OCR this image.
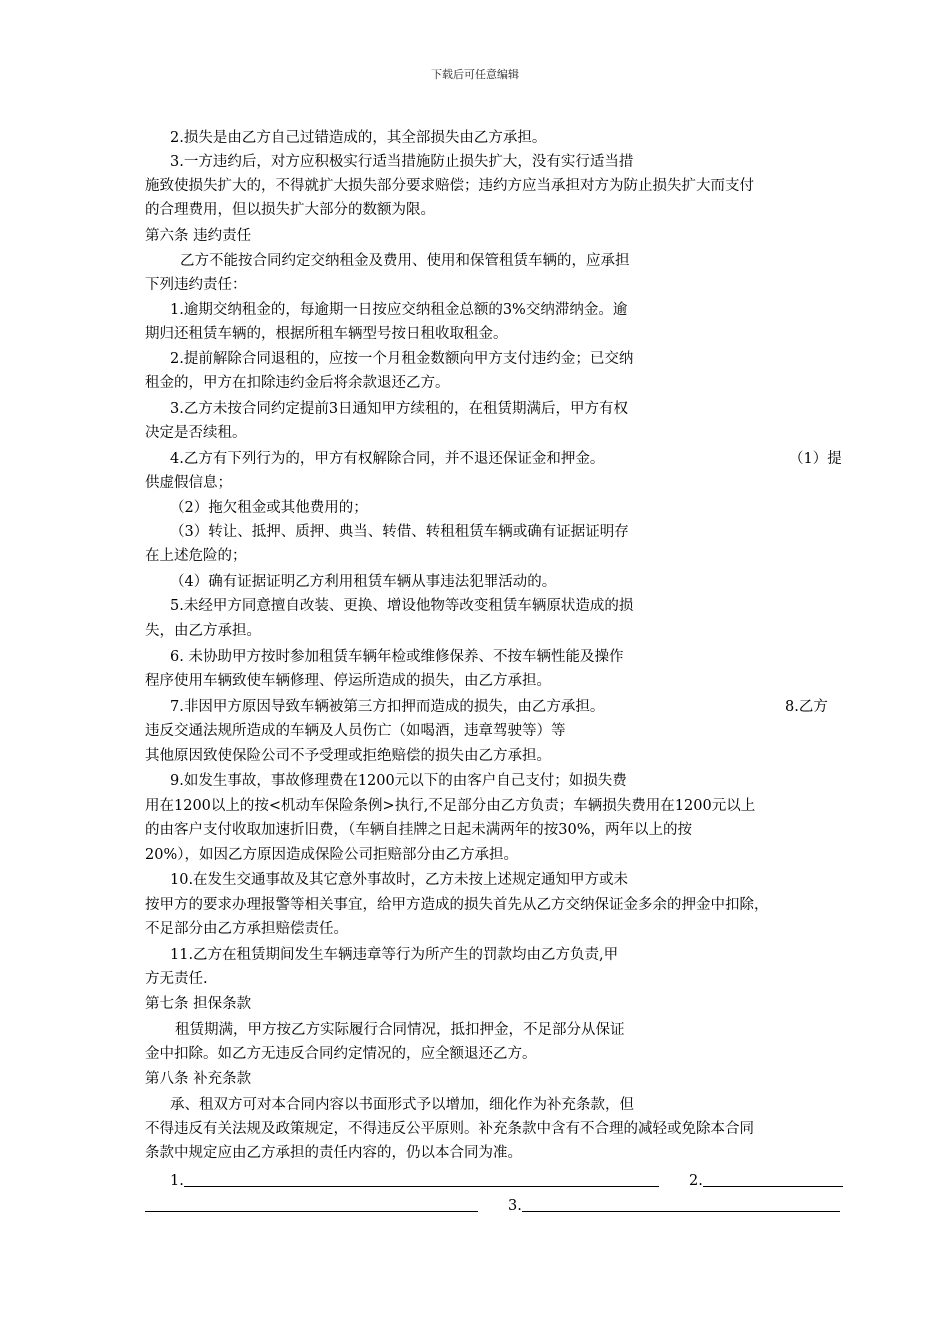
下载后可任意编辑
2.损失是由乙方自己过错造成的，其全部损失由乙方承担。
3.一方违约后，对方应积极实行适当措施防止损失扩大，没有实行适当措
施致使损失扩大的，不得就扩大损失部分要求赔偿；违约方应当承担对方为防止损失扩大而支付
的合理费用，但以损失扩大部分的数额为限。
第六条 违约责任
乙方不能按合同约定交纳租金及费用、使用和保管租赁车辆的，应承担
下列违约责任：
1.逾期交纳租金的，每逾期一日按应交纳租金总额的3%交纳滞纳金。逾
期归还租赁车辆的，根据所租车辆型号按日租收取租金。
2.提前解除合同退租的，应按一个月租金数额向甲方支付违约金；已交纳
租金的，甲方在扣除违约金后将余款退还乙方。
3.乙方未按合同约定提前3日通知甲方续租的，在租赁期满后，甲方有权
决定是否续租。
4.乙方有下列行为的，甲方有权解除合同，并不退还保证金和押金。	（1）提
供虚假信息；
（2）拖欠租金或其他费用的；
（3）转让、抵押、质押、典当、转借、转租租赁车辆或确有证据证明存
在上述危险的；
（4）确有证据证明乙方利用租赁车辆从事违法犯罪活动的。
5.未经甲方同意擅自改装、更换、增设他物等改变租赁车辆原状造成的损
失，由乙方承担。
6. 未协助甲方按时参加租赁车辆年检或维修保养、不按车辆性能及操作
程序使用车辆致使车辆修理、停运所造成的损失，由乙方承担。
7.非因甲方原因导致车辆被第三方扣押而造成的损失，由乙方承担。	8.乙方
违反交通法规所造成的车辆及人员伤亡（如喝酒，违章驾驶等）等
其他原因致使保险公司不予受理或拒绝赔偿的损失由乙方承担。
9.如发生事故，事故修理费在1200元以下的由客户自己支付；如损失费
用在1200以上的按<机动车保险条例>执行,不足部分由乙方负责；车辆损失费用在1200元以上
的由客户支付收取加速折旧费，（车辆自挂牌之日起未满两年的按30%，两年以上的按
20%），如因乙方原因造成保险公司拒赔部分由乙方承担。
10.在发生交通事故及其它意外事故时，乙方未按上述规定通知甲方或未
按甲方的要求办理报警等相关事宜，给甲方造成的损失首先从乙方交纳保证金多余的押金中扣除，
不足部分由乙方承担赔偿责任。
11.乙方在租赁期间发生车辆违章等行为所产生的罚款均由乙方负责,甲
方无责任.
第七条 担保条款
租赁期满，甲方按乙方实际履行合同情况，抵扣押金，不足部分从保证
金中扣除。如乙方无违反合同约定情况的，应全额退还乙方。
第八条 补充条款
承、租双方可对本合同内容以书面形式予以增加，细化作为补充条款，但
不得违反有关法规及政策规定，不得违反公平原则。补充条款中含有不合理的减轻或免除本合同
条款中规定应由乙方承担的责任内容的，仍以本合同为准。
1.	2.
3.
